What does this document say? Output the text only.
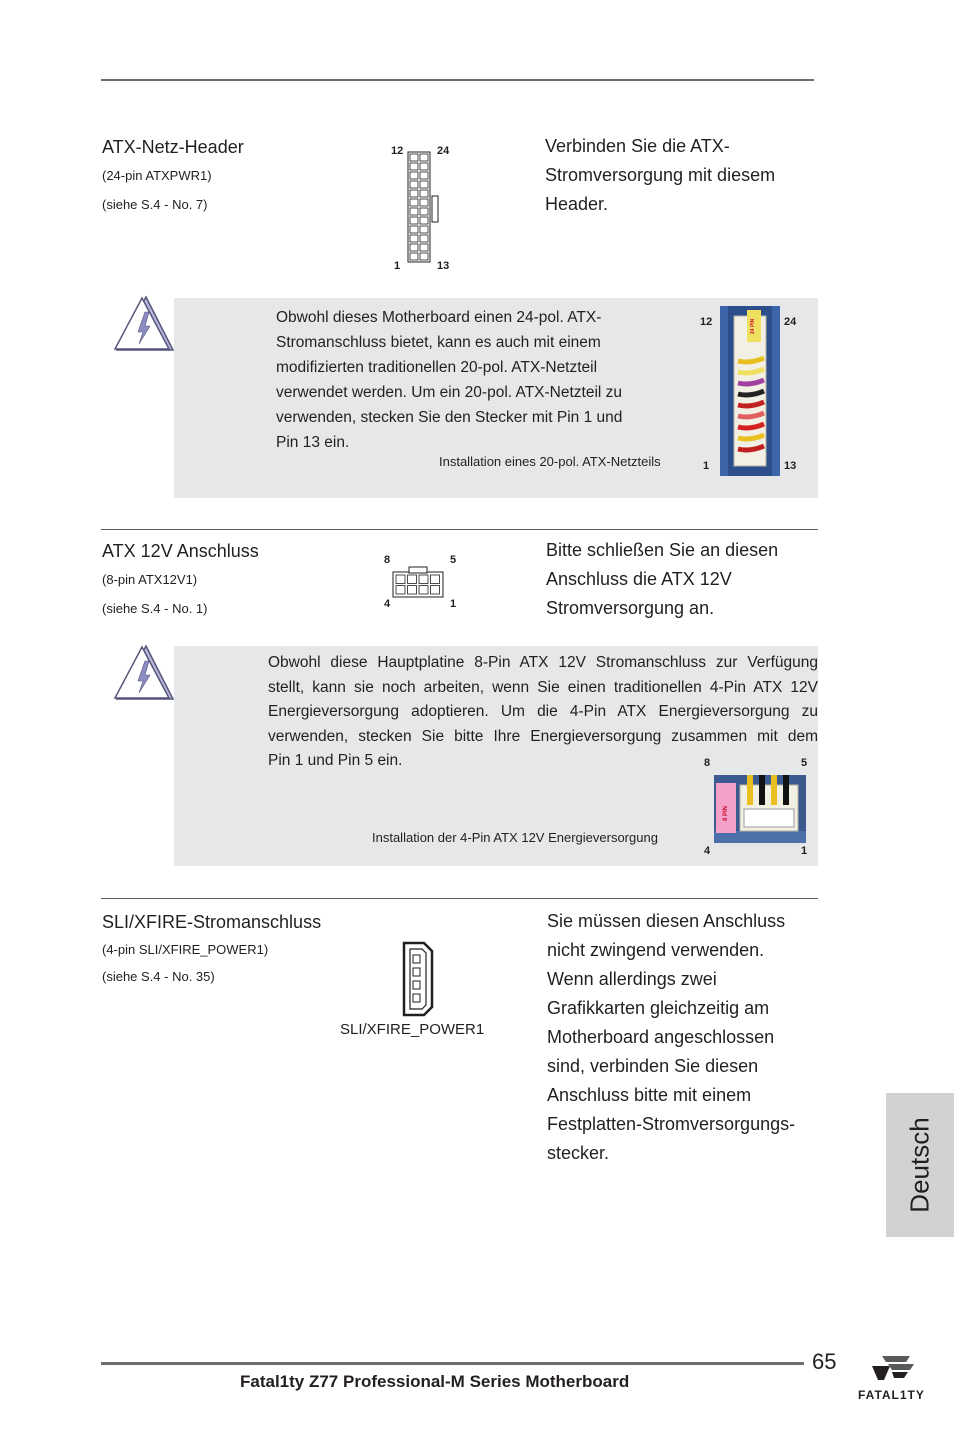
ATX-Netz-Header
(24-pin ATXPWR1)
(siehe S.4 - No. 7)
12	24
1	13
Verbinden Sie die ATX-
Stromversorgung mit diesem
Header.
Obwohl dieses Motherboard einen 24-pol. ATX-
Stromanschluss bietet, kann es auch mit einem
modifizierten traditionellen 20-pol. ATX-Netzteil
verwendet werden. Um ein 20-pol. ATX-Netzteil zu
verwenden, stecken Sie den Stecker mit Pin 1 und
Pin 13 ein.
Installation eines 20-pol. ATX-Netzteils
12	24
24 PIN
1	13
ATX 12V Anschluss
(8-pin ATX12V1)
(siehe S.4 - No. 1)
8	5
4	1
Bitte schließen Sie an diesen
Anschluss die ATX 12V
Stromversorgung an.
Obwohl diese Hauptplatine 8-Pin ATX 12V Stromanschluss zur Verfügung
stellt, kann sie noch arbeiten, wenn Sie einen traditionellen 4-Pin ATX 12V
Energieversorgung adoptieren. Um die 4-Pin ATX Energieversorgung zu
verwenden, stecken Sie bitte Ihre Energieversorgung zusammen mit dem
Pin 1 und Pin 5 ein.
Installation der 4-Pin ATX 12V Energieversorgung
8	5
8 PIN
4	1
SLI/XFIRE-Stromanschluss
(4-pin SLI/XFIRE_POWER1)
(siehe S.4 - No. 35)
SLI/XFIRE_POWER1
Sie müssen diesen Anschluss
nicht zwingend verwenden.
Wenn allerdings zwei
Grafikkarten gleichzeitig am
Motherboard angeschlossen
sind, verbinden Sie diesen
Anschluss bitte mit einem
Festplatten-Stromversorgungs-
stecker.	Deutsch
65
Fatal1ty Z77 Professional-M Series Motherboard
FATAL1TY
